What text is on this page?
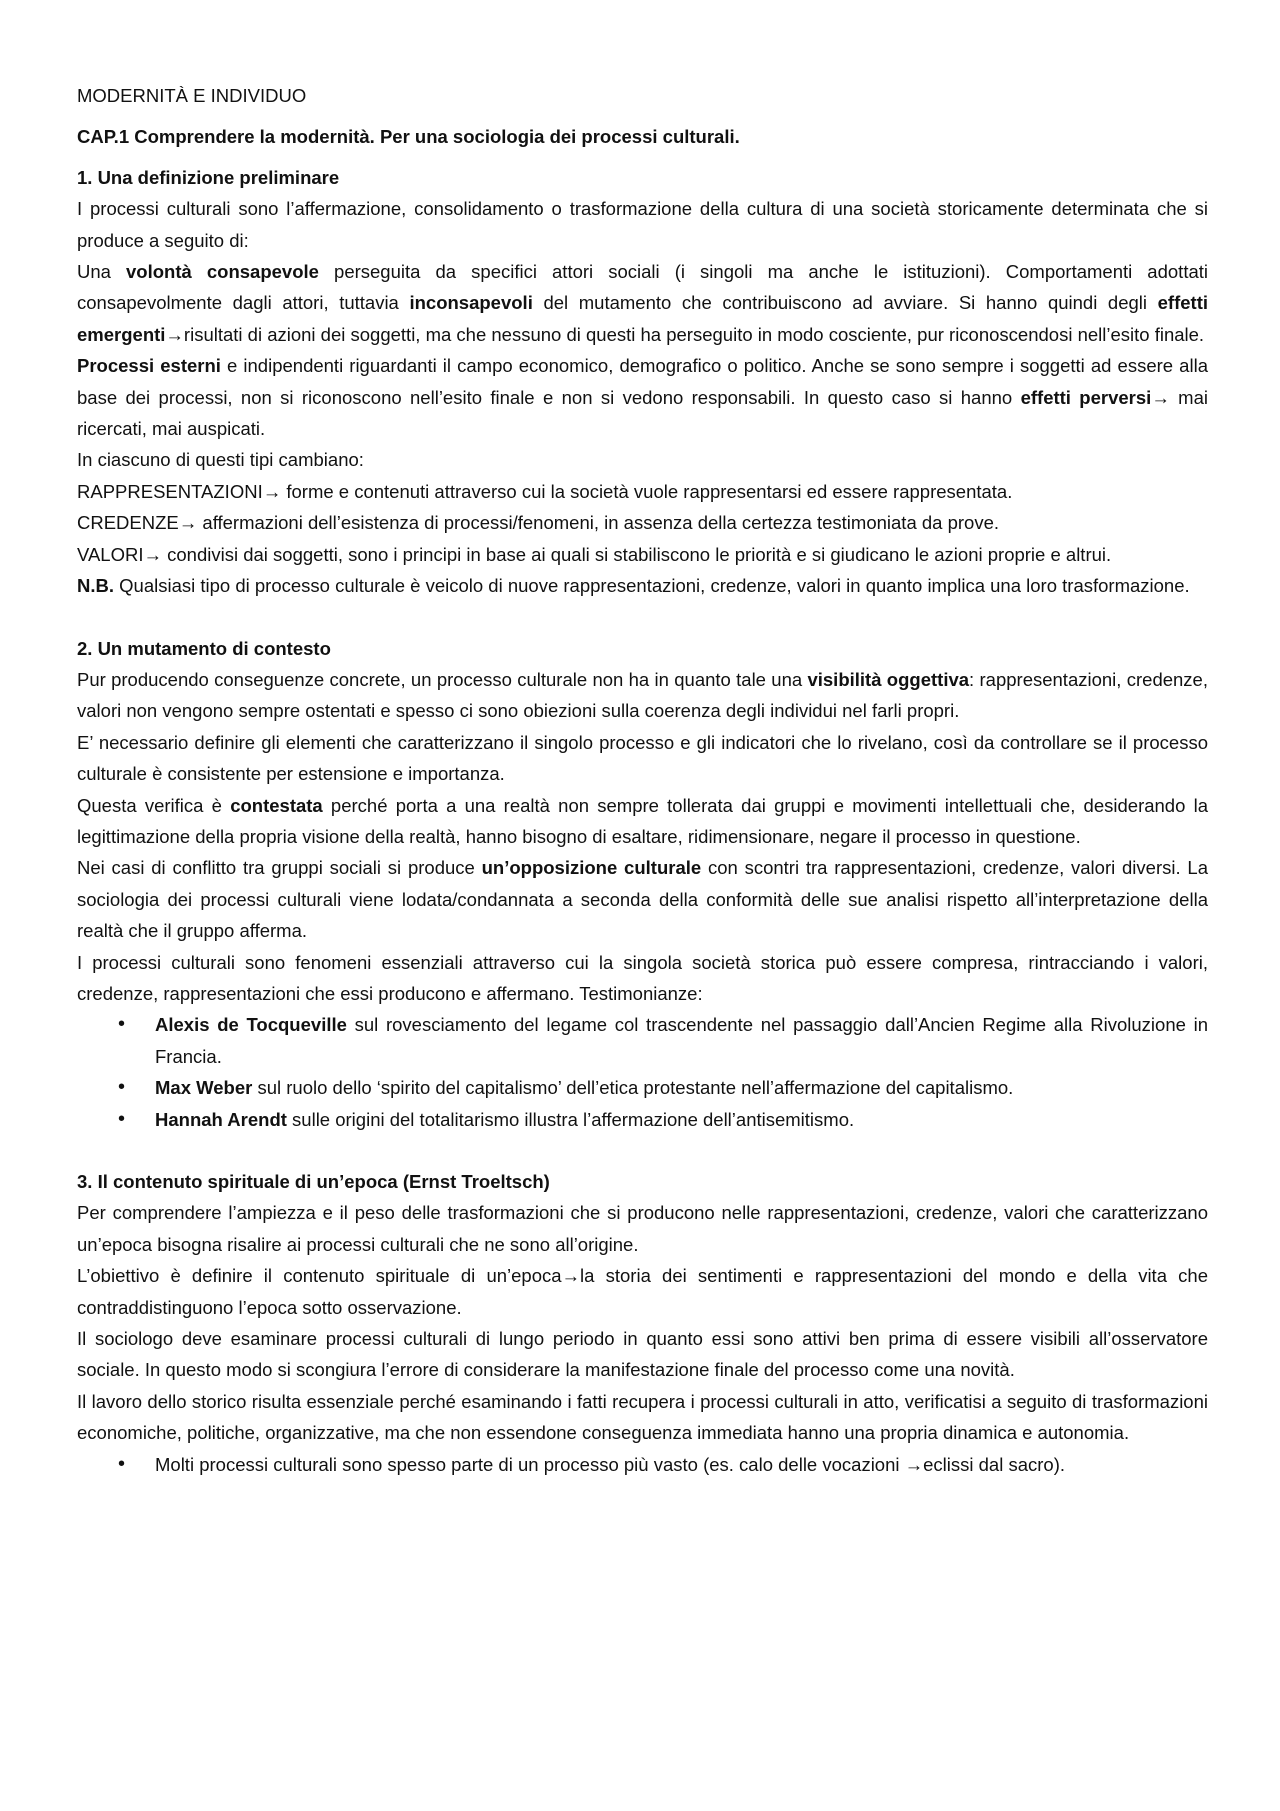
MODERNITÀ E INDIVIDUO
CAP.1 Comprendere la modernità. Per una sociologia dei processi culturali.
1. Una definizione preliminare

I processi culturali sono l’affermazione, consolidamento o trasformazione della cultura di una società storicamente determinata che si produce a seguito di:

Una volontà consapevole perseguita da specifici attori sociali (i singoli ma anche le istituzioni). Comportamenti adottati consapevolmente dagli attori, tuttavia inconsapevoli del mutamento che contribuiscono ad avviare. Si hanno quindi degli effetti emergenti→risultati di azioni dei soggetti, ma che nessuno di questi ha perseguito in modo cosciente, pur riconoscendosi nell’esito finale.

Processi esterni e indipendenti riguardanti il campo economico, demografico o politico. Anche se sono sempre i soggetti ad essere alla base dei processi, non si riconoscono nell’esito finale e non si vedono responsabili. In questo caso si hanno effetti perversi→ mai ricercati, mai auspicati.

In ciascuno di questi tipi cambiano:

RAPPRESENTAZIONI→ forme e contenuti attraverso cui la società vuole rappresentarsi ed essere rappresentata.

CREDENZE→ affermazioni dell’esistenza di processi/fenomeni, in assenza della certezza testimoniata da prove.

VALORI→ condivisi dai soggetti, sono i principi in base ai quali si stabiliscono le priorità e si giudicano le azioni proprie e altrui.

N.B. Qualsiasi tipo di processo culturale è veicolo di nuove rappresentazioni, credenze, valori in quanto implica una loro trasformazione.

2. Un mutamento di contesto

Pur producendo conseguenze concrete, un processo culturale non ha in quanto tale una visibilità oggettiva: rappresentazioni, credenze, valori non vengono sempre ostentati e spesso ci sono obiezioni sulla coerenza degli individui nel farli propri.

E’ necessario definire gli elementi che caratterizzano il singolo processo e gli indicatori che lo rivelano, così da controllare se il processo culturale è consistente per estensione e importanza.

Questa verifica è contestata perché porta a una realtà non sempre tollerata dai gruppi e movimenti intellettuali che, desiderando la legittimazione della propria visione della realtà, hanno bisogno di esaltare, ridimensionare, negare il processo in questione.

Nei casi di conflitto tra gruppi sociali si produce un’opposizione culturale con scontri tra rappresentazioni, credenze, valori diversi. La sociologia dei processi culturali viene lodata/condannata a seconda della conformità delle sue analisi rispetto all’interpretazione della realtà che il gruppo afferma.

I processi culturali sono fenomeni essenziali attraverso cui la singola società storica può essere compresa, rintracciando i valori, credenze, rappresentazioni che essi producono e affermano. Testimonianze:

• Alexis de Tocqueville sul rovesciamento del legame col trascendente nel passaggio dall’Ancien Regime alla Rivoluzione in Francia.
• Max Weber sul ruolo dello ‘spirito del capitalismo’ dell’etica protestante nell’affermazione del capitalismo.
• Hannah Arendt sulle origini del totalitarismo illustra l’affermazione dell’antisemitismo.
3. Il contenuto spirituale di un’epoca (Ernst Troeltsch)

Per comprendere l’ampiezza e il peso delle trasformazioni che si producono nelle rappresentazioni, credenze, valori che caratterizzano un’epoca bisogna risalire ai processi culturali che ne sono all’origine.

L’obiettivo è definire il contenuto spirituale di un’epoca→la storia dei sentimenti e rappresentazioni del mondo e della vita che contraddistinguono l’epoca sotto osservazione.

Il sociologo deve esaminare processi culturali di lungo periodo in quanto essi sono attivi ben prima di essere visibili all’osservatore sociale. In questo modo si scongiura l’errore di considerare la manifestazione finale del processo come una novità.

Il lavoro dello storico risulta essenziale perché esaminando i fatti recupera i processi culturali in atto, verificatisi a seguito di trasformazioni economiche, politiche, organizzative, ma che non essendone conseguenza immediata hanno una propria dinamica e autonomia.

• Molti processi culturali sono spesso parte di un processo più vasto (es. calo delle vocazioni →eclissi dal sacro).
